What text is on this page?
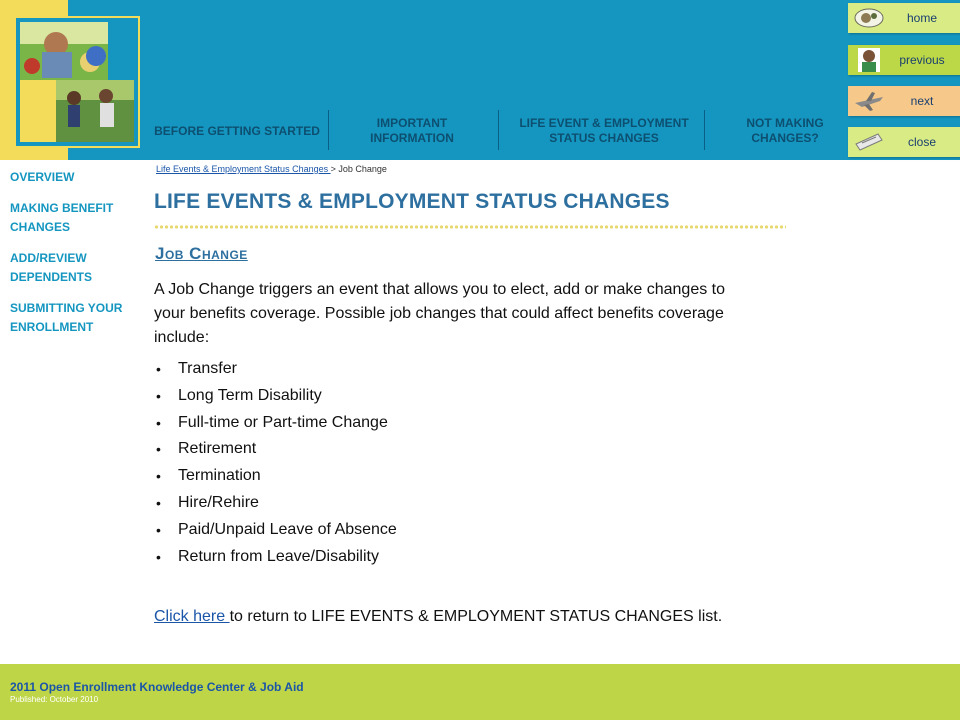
BEFORE GETTING STARTED
IMPORTANT INFORMATION
LIFE EVENT & EMPLOYMENT STATUS CHANGES
NOT MAKING CHANGES?
home
previous
next
close
OVERVIEW
MAKING BENEFIT CHANGES
ADD/REVIEW DEPENDENTS
SUBMITTING YOUR ENROLLMENT
Life Events & Employment Status Changes > Job Change
LIFE EVENTS & EMPLOYMENT STATUS CHANGES
Job Change
A Job Change triggers an event that allows you to elect, add or make changes to your benefits coverage. Possible job changes that could affect benefits coverage include:
• Transfer
• Long Term Disability
• Full-time or Part-time Change
• Retirement
• Termination
• Hire/Rehire
• Paid/Unpaid Leave of Absence
• Return from Leave/Disability
Click here to return to LIFE EVENTS & EMPLOYMENT STATUS CHANGES list.
2011 Open Enrollment Knowledge Center & Job Aid
Published: October 2010
